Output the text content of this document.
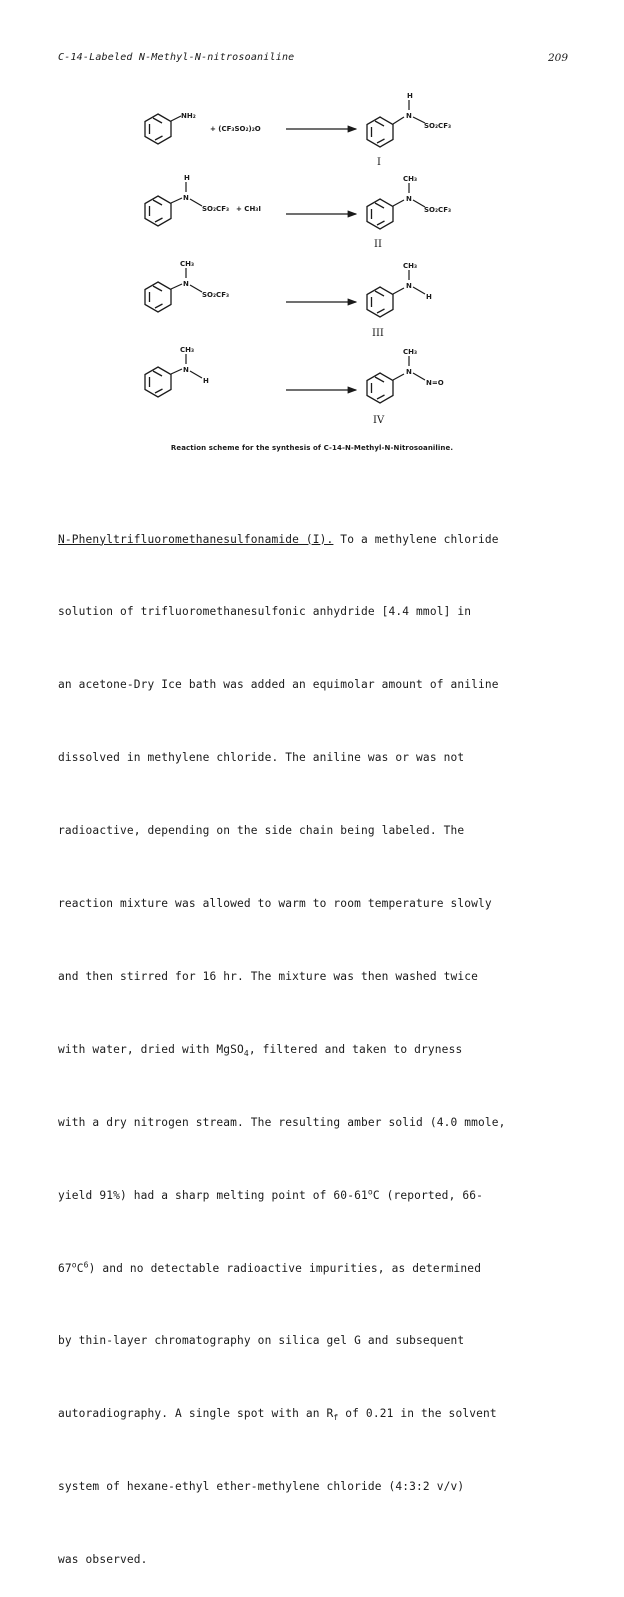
C-14-Labeled N-Methyl-N-nitrosoaniline	209
NH₂
+ (CF₃SO₂)₂O
H
N
SO₂CF₃
I
H
N
SO₂CF₃ + CH₃I
CH₃
N
SO₂CF₃
II
CH₃
N
SO₂CF₃
CH₃
N
H
III
CH₃
N
H
CH₃
N
N=O
IV
Reaction scheme for the synthesis of C-14-N-Methyl-N-Nitrosoaniline.

N-Phenyltrifluoromethanesulfonamide (I). To a methylene chloride

solution of trifluoromethanesulfonic anhydride [4.4 mmol] in

an acetone-Dry Ice bath was added an equimolar amount of aniline

dissolved in methylene chloride. The aniline was or was not

radioactive, depending on the side chain being labeled. The

reaction mixture was allowed to warm to room temperature slowly

and then stirred for 16 hr. The mixture was then washed twice

with water, dried with MgSO$_4$, filtered and taken to dryness

with a dry nitrogen stream. The resulting amber solid (4.0 mmole,

yield 91%) had a sharp melting point of 60-61$^o$C (reported, 66-

$67^oC^6$) and no detectable radioactive impurities, as determined

by thin-layer chromatography on silica gel G and subsequent

autoradiography. A single spot with an $R_f$ of 0.21 in the solvent

system of hexane-ethyl ether-methylene chloride (4:3:2 v/v)

was observed.
